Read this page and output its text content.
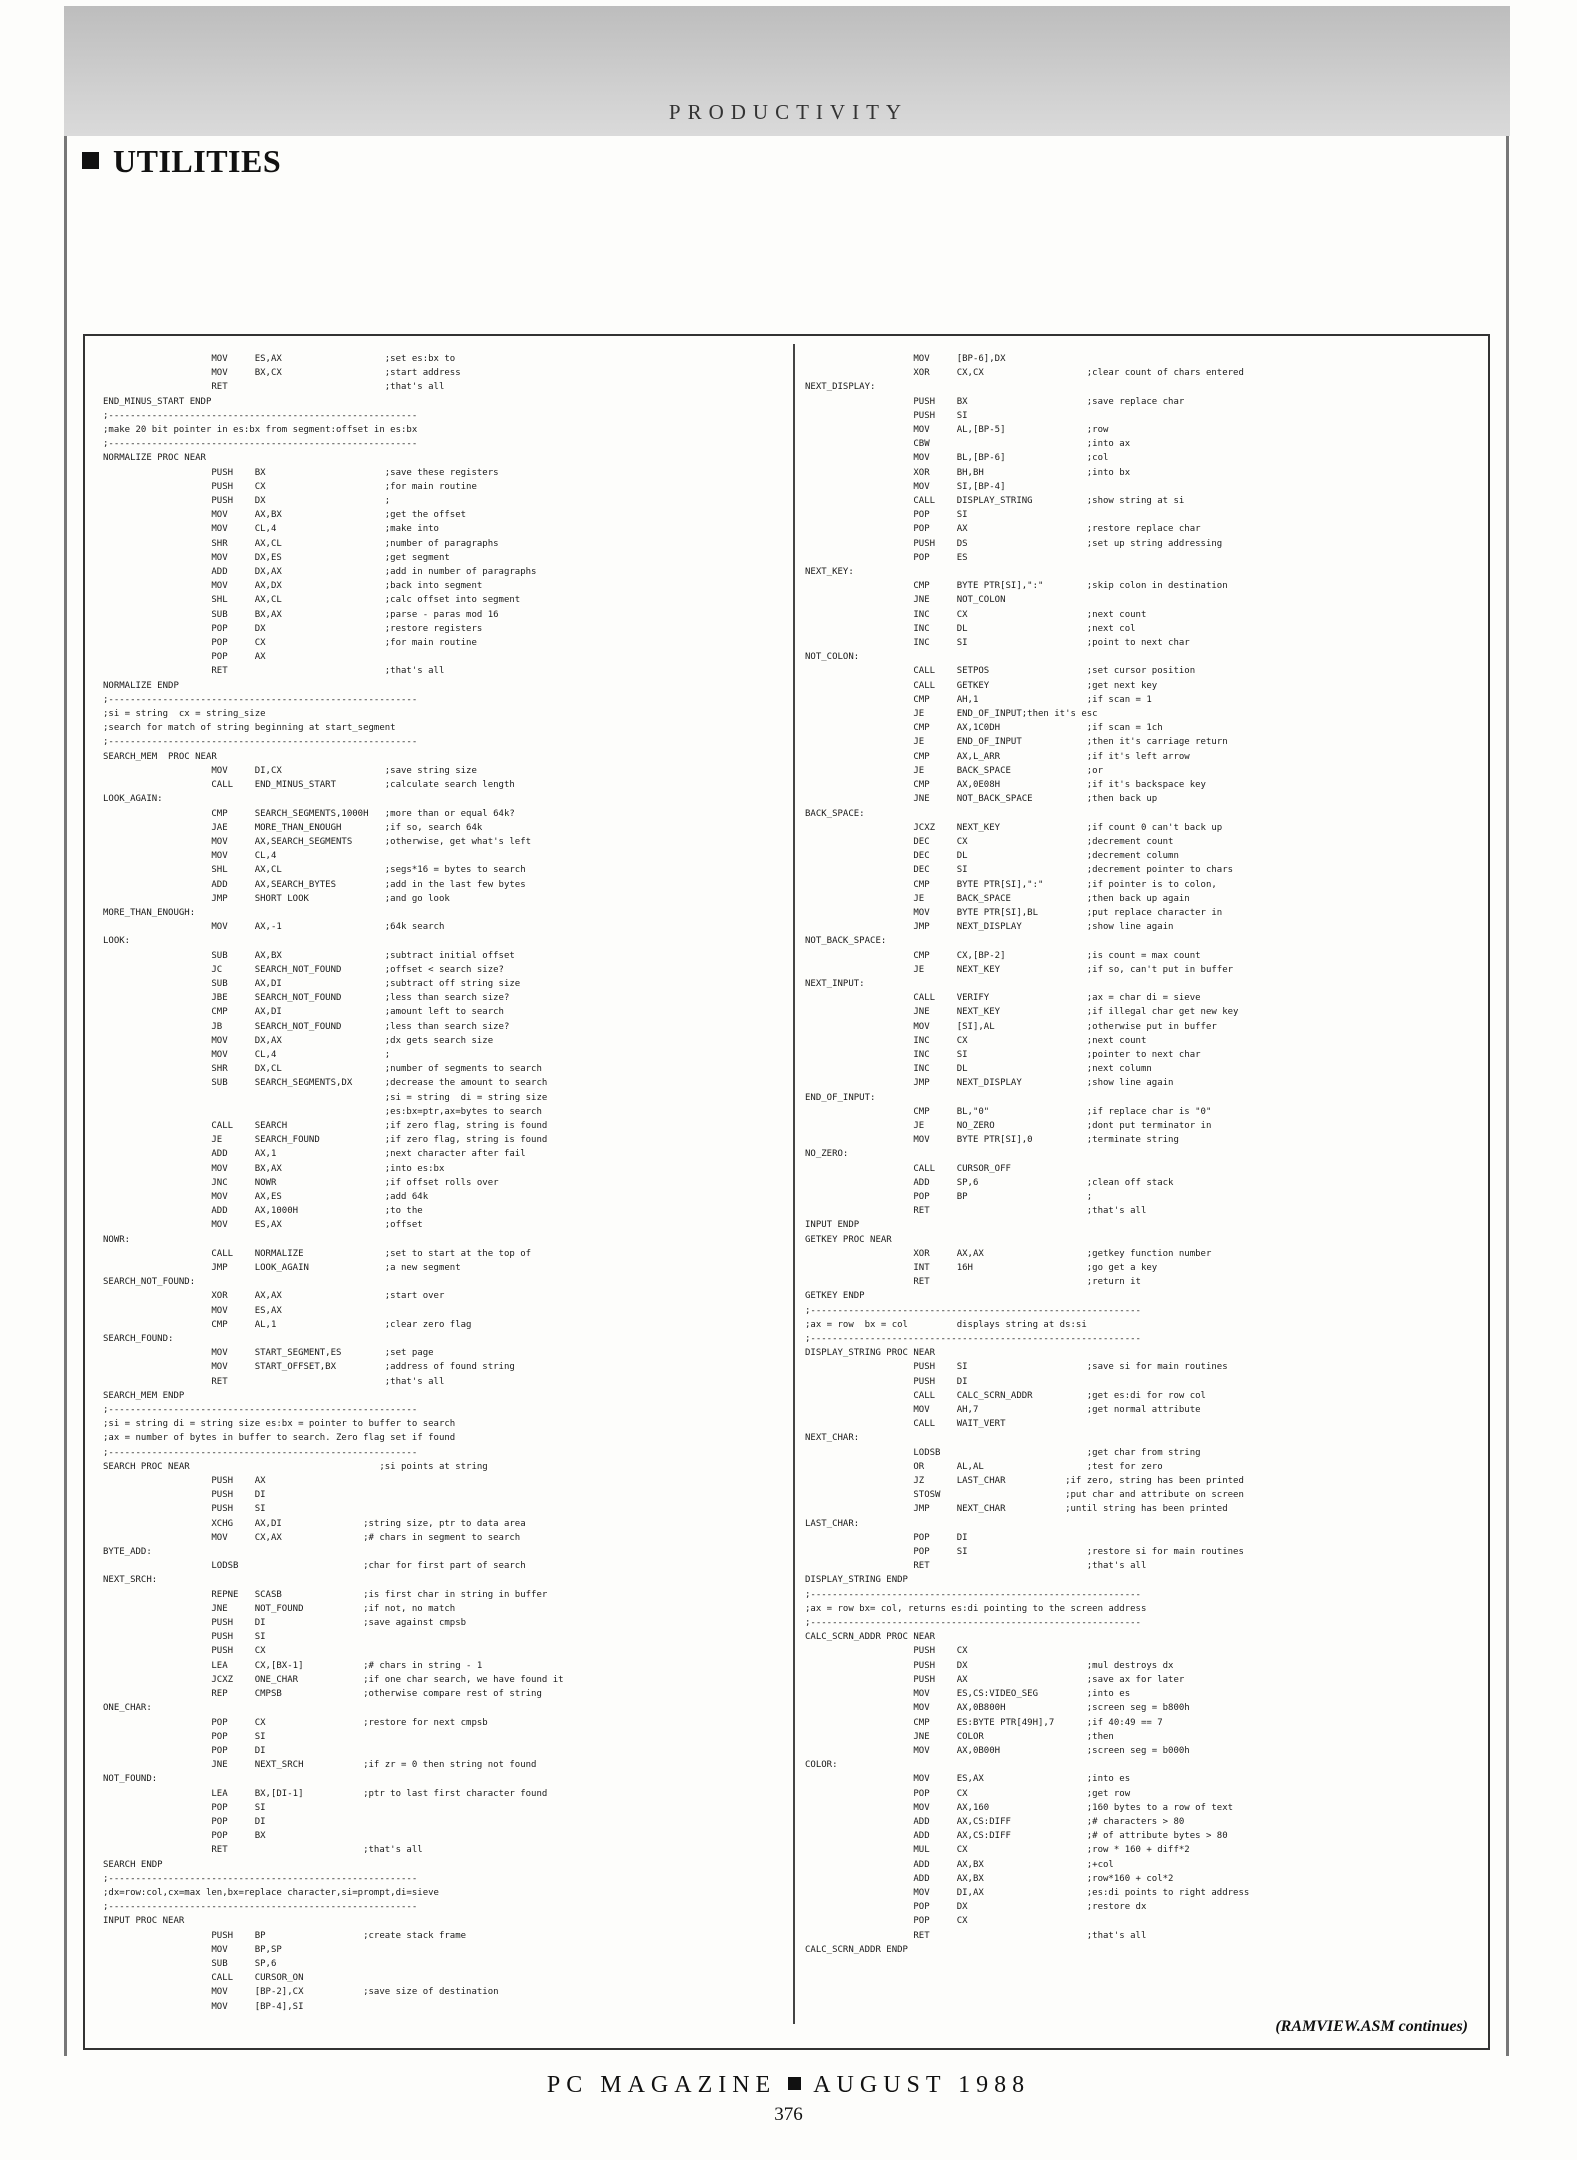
PRODUCTIVITY
UTILITIES
MOV     ES,AX                   ;set es:bx to
MOV     BX,CX                   ;start address
RET                             ;that's all
END_MINUS_START ENDP
;---------------------------------------------------------
;make 20 bit pointer in es:bx from segment:offset in es:bx
;---------------------------------------------------------
NORMALIZE PROC NEAR
PUSH    BX                      ;save these registers
PUSH    CX                      ;for main routine
PUSH    DX                      ;
MOV     AX,BX                   ;get the offset
MOV     CL,4                    ;make into
SHR     AX,CL                   ;number of paragraphs
MOV     DX,ES                   ;get segment
ADD     DX,AX                   ;add in number of paragraphs
MOV     AX,DX                   ;back into segment
SHL     AX,CL                   ;calc offset into segment
SUB     BX,AX                   ;parse - paras mod 16
POP     DX                      ;restore registers
POP     CX                      ;for main routine
POP     AX
RET                             ;that's all
NORMALIZE ENDP
;---------------------------------------------------------
;si = string  cx = string_size
;search for match of string beginning at start_segment
;---------------------------------------------------------
SEARCH_MEM  PROC NEAR
MOV     DI,CX                   ;save string size
CALL    END_MINUS_START         ;calculate search length
LOOK_AGAIN:
CMP     SEARCH_SEGMENTS,1000H   ;more than or equal 64k?
JAE     MORE_THAN_ENOUGH        ;if so, search 64k
MOV     AX,SEARCH_SEGMENTS      ;otherwise, get what's left
MOV     CL,4
SHL     AX,CL                   ;segs*16 = bytes to search
ADD     AX,SEARCH_BYTES         ;add in the last few bytes
JMP     SHORT LOOK              ;and go look
MORE_THAN_ENOUGH:
MOV     AX,-1                   ;64k search
LOOK:
SUB     AX,BX                   ;subtract initial offset
JC      SEARCH_NOT_FOUND        ;offset < search size?
SUB     AX,DI                   ;subtract off string size
JBE     SEARCH_NOT_FOUND        ;less than search size?
CMP     AX,DI                   ;amount left to search
JB      SEARCH_NOT_FOUND        ;less than search size?
MOV     DX,AX                   ;dx gets search size
MOV     CL,4                    ;
SHR     DX,CL                   ;number of segments to search
SUB     SEARCH_SEGMENTS,DX      ;decrease the amount to search
;si = string  di = string size
;es:bx=ptr,ax=bytes to search
CALL    SEARCH                  ;if zero flag, string is found
JE      SEARCH_FOUND            ;if zero flag, string is found
ADD     AX,1                    ;next character after fail
MOV     BX,AX                   ;into es:bx
JNC     NOWR                    ;if offset rolls over
MOV     AX,ES                   ;add 64k
ADD     AX,1000H                ;to the
MOV     ES,AX                   ;offset
NOWR:
CALL    NORMALIZE               ;set to start at the top of
JMP     LOOK_AGAIN              ;a new segment
SEARCH_NOT_FOUND:
XOR     AX,AX                   ;start over
MOV     ES,AX
CMP     AL,1                    ;clear zero flag
SEARCH_FOUND:
MOV     START_SEGMENT,ES        ;set page
MOV     START_OFFSET,BX         ;address of found string
RET                             ;that's all
SEARCH_MEM ENDP
;---------------------------------------------------------
;si = string di = string size es:bx = pointer to buffer to search
;ax = number of bytes in buffer to search. Zero flag set if found
;---------------------------------------------------------
SEARCH PROC NEAR                                   ;si points at string
PUSH    AX
PUSH    DI
PUSH    SI
XCHG    AX,DI               ;string size, ptr to data area
MOV     CX,AX               ;# chars in segment to search
BYTE_ADD:
LODSB                       ;char for first part of search
NEXT_SRCH:
REPNE   SCASB               ;is first char in string in buffer
JNE     NOT_FOUND           ;if not, no match
PUSH    DI                  ;save against cmpsb
PUSH    SI
PUSH    CX
LEA     CX,[BX-1]           ;# chars in string - 1
JCXZ    ONE_CHAR            ;if one char search, we have found it
REP     CMPSB               ;otherwise compare rest of string
ONE_CHAR:
POP     CX                  ;restore for next cmpsb
POP     SI
POP     DI
JNE     NEXT_SRCH           ;if zr = 0 then string not found
NOT_FOUND:
LEA     BX,[DI-1]           ;ptr to last first character found
POP     SI
POP     DI
POP     BX
RET                         ;that's all
SEARCH ENDP
;---------------------------------------------------------
;dx=row:col,cx=max len,bx=replace character,si=prompt,di=sieve
;---------------------------------------------------------
INPUT PROC NEAR
PUSH    BP                  ;create stack frame
MOV     BP,SP
SUB     SP,6
CALL    CURSOR_ON
MOV     [BP-2],CX           ;save size of destination
MOV     [BP-4],SI
MOV     [BP-6],DX
XOR     CX,CX                   ;clear count of chars entered
NEXT_DISPLAY:
PUSH    BX                      ;save replace char
PUSH    SI
MOV     AL,[BP-5]               ;row
CBW                             ;into ax
MOV     BL,[BP-6]               ;col
XOR     BH,BH                   ;into bx
MOV     SI,[BP-4]
CALL    DISPLAY_STRING          ;show string at si
POP     SI
POP     AX                      ;restore replace char
PUSH    DS                      ;set up string addressing
POP     ES
NEXT_KEY:
CMP     BYTE PTR[SI],":"        ;skip colon in destination
JNE     NOT_COLON
INC     CX                      ;next count
INC     DL                      ;next col
INC     SI                      ;point to next char
NOT_COLON:
CALL    SETPOS                  ;set cursor position
CALL    GETKEY                  ;get next key
CMP     AH,1                    ;if scan = 1
JE      END_OF_INPUT;then it's esc
CMP     AX,1C0DH                ;if scan = 1ch
JE      END_OF_INPUT            ;then it's carriage return
CMP     AX,L_ARR                ;if it's left arrow
JE      BACK_SPACE              ;or
CMP     AX,0E08H                ;if it's backspace key
JNE     NOT_BACK_SPACE          ;then back up
BACK_SPACE:
JCXZ    NEXT_KEY                ;if count 0 can't back up
DEC     CX                      ;decrement count
DEC     DL                      ;decrement column
DEC     SI                      ;decrement pointer to chars
CMP     BYTE PTR[SI],":"        ;if pointer is to colon,
JE      BACK_SPACE              ;then back up again
MOV     BYTE PTR[SI],BL         ;put replace character in
JMP     NEXT_DISPLAY            ;show line again
NOT_BACK_SPACE:
CMP     CX,[BP-2]               ;is count = max count
JE      NEXT_KEY                ;if so, can't put in buffer
NEXT_INPUT:
CALL    VERIFY                  ;ax = char di = sieve
JNE     NEXT_KEY                ;if illegal char get new key
MOV     [SI],AL                 ;otherwise put in buffer
INC     CX                      ;next count
INC     SI                      ;pointer to next char
INC     DL                      ;next column
JMP     NEXT_DISPLAY            ;show line again
END_OF_INPUT:
CMP     BL,"0"                  ;if replace char is "0"
JE      NO_ZERO                 ;dont put terminator in
MOV     BYTE PTR[SI],0          ;terminate string
NO_ZERO:
CALL    CURSOR_OFF
ADD     SP,6                    ;clean off stack
POP     BP                      ;
RET                             ;that's all
INPUT ENDP
GETKEY PROC NEAR
XOR     AX,AX                   ;getkey function number
INT     16H                     ;go get a key
RET                             ;return it
GETKEY ENDP
;-------------------------------------------------------------
;ax = row  bx = col         displays string at ds:si
;-------------------------------------------------------------
DISPLAY_STRING PROC NEAR
PUSH    SI                      ;save si for main routines
PUSH    DI
CALL    CALC_SCRN_ADDR          ;get es:di for row col
MOV     AH,7                    ;get normal attribute
CALL    WAIT_VERT
NEXT_CHAR:
LODSB                           ;get char from string
OR      AL,AL                   ;test for zero
JZ      LAST_CHAR           ;if zero, string has been printed
STOSW                       ;put char and attribute on screen
JMP     NEXT_CHAR           ;until string has been printed
LAST_CHAR:
POP     DI
POP     SI                      ;restore si for main routines
RET                             ;that's all
DISPLAY_STRING ENDP
;-------------------------------------------------------------
;ax = row bx= col, returns es:di pointing to the screen address
;-------------------------------------------------------------
CALC_SCRN_ADDR PROC NEAR
PUSH    CX
PUSH    DX                      ;mul destroys dx
PUSH    AX                      ;save ax for later
MOV     ES,CS:VIDEO_SEG         ;into es
MOV     AX,0B800H               ;screen seg = b800h
CMP     ES:BYTE PTR[49H],7      ;if 40:49 == 7
JNE     COLOR                   ;then
MOV     AX,0B00H                ;screen seg = b000h
COLOR:
MOV     ES,AX                   ;into es
POP     CX                      ;get row
MOV     AX,160                  ;160 bytes to a row of text
ADD     AX,CS:DIFF              ;# characters > 80
ADD     AX,CS:DIFF              ;# of attribute bytes > 80
MUL     CX                      ;row * 160 + diff*2
ADD     AX,BX                   ;+col
ADD     AX,BX                   ;row*160 + col*2
MOV     DI,AX                   ;es:di points to right address
POP     DX                      ;restore dx
POP     CX
RET                             ;that's all
CALC_SCRN_ADDR ENDP
(RAMVIEW.ASM continues)
PC MAGAZINE AUGUST 1988
376
